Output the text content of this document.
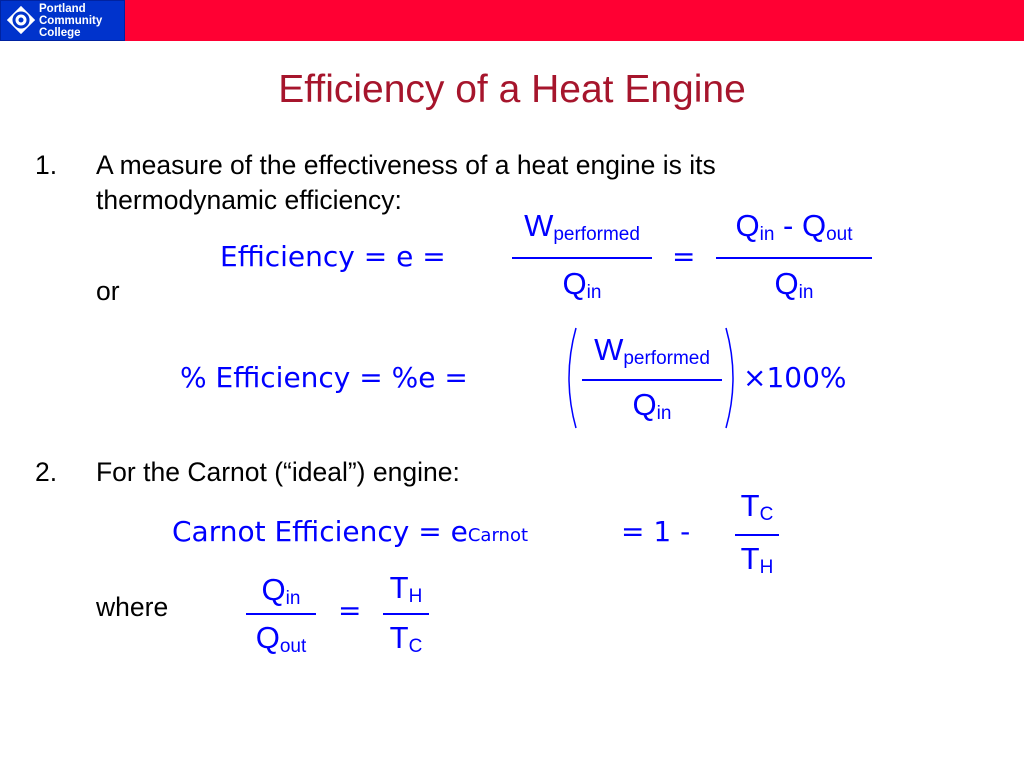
Portland
Community
College
Efficiency of a Heat Engine
1. A measure of the effectiveness of a heat engine is its
thermodynamic efficiency:
or
Efficiency = e =
Wperformed
Qin
=
Qin - Qout
Qin
% Efficiency = %e =
Wperformed
Qin
×100%
2. For the Carnot (“ideal”) engine:
Carnot Efficiency = eCarnot	= 1 -
TC
TH
where	Qin
Qout
=
TH
TC
